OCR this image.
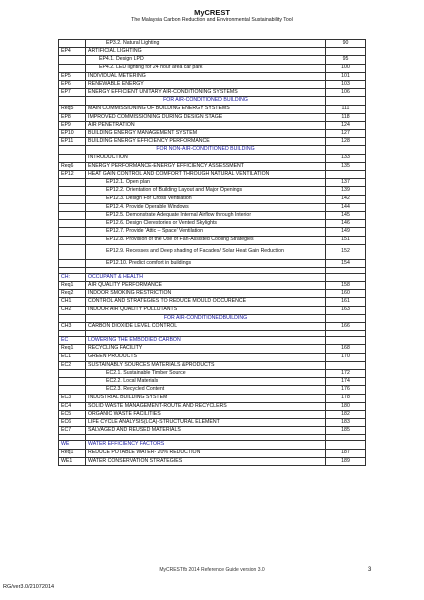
MyCREST
The Malaysia Carbon Reduction and Environmental Sustainability Tool
	EP3.2. Natural Lighting	90
EP4	ARTIFICIAL LIGHTING	
	EP4.1. Design LPD	95
	EP4.2. LED lighting for 24 hour area car park	100
EP5	INDIVIDUAL METERING	101
EP6	RENEWABLE ENERGY	103
EP7	ENERGY EFFICIENT UNITARY AIR-CONDITIONING SYSTEMS	106
	FOR AIR-CONDITIONED BUILDING	
Req5	MAIN COMMISSIONING OF BUILDING ENERGY SYSTEMS	111
EP8	IMPROVED COMMISSIONING DURING DESIGN STAGE	118
EP9	AIR PENETRATION	124
EP10	BUILDING ENERGY MANAGEMENT SYSTEM	127
EP11	BUILDING ENERGY EFFICIENCY PERFORMANCE	128
	FOR NON-AIR-CONDITIONED BUILDING	
	INTRODUCTION	133
Req6	ENERGY PERFORMANCE-ENERGY EFFICIENCY ASSESSMENT	135
EP12	HEAT GAIN CONTROL AND COMFORT THROUGH NATURAL VENTILATION	
	EP12.1. Open plan	137
	EP12.2. Orientation of Building Layout and Major Openings	139
	EP12.3. Design For Cross Ventilation	142
	EP12.4. Provide Operable Windows	144
	EP12.5. Demonstrate Adequate Internal Airflow through Interior	145
	EP12.6. Design Clerestories or Vented Skylights	146
	EP12.7. Provide ‘Attic – Space’ Ventilation	149
	EP12.8. Provision of the Use of Fan-Assisted Cooling Strategies	151
	EP12.9. Recesses and Deep shading of Facades/ Solar Heat Gain Reduction	152
	EP12.10. Predict comfort in buildings	154

CH:	OCCUPANT & HEALTH	
Req1	AIR QUALITY PERFORMANCE	158
Req2	INDOOR SMOKING RESTRICTION	160
CH1	CONTROL AND STRATEGIES TO REDUCE MOULD OCCURENCE	161
CH2	INDOOR AIR QUALITY POLLUTANTS	163
	FOR AIR-CONDITIONEDBUILDING	
CH3	CARBON DIOXIDE LEVEL CONTROL	166

EC	LOWERING THE EMBODIED CARBON	
Req1	RECYCLING FACILITY	168
EC1	GREEN PRODUCTS	170
EC2	SUSTAINABLY SOURCES MATERIALS &PRODUCTS	
	EC2.1. Sustainable Timber Source	172
	EC2.2. Local Materials	174
	EC2.3. Recycled Content	176
EC3	INDUSTRIAL BUILDING SYSTEM	178
EC4	SOLID WASTE MANAGEMENT-ROUTE AND RECYCLERS	180
EC5	ORGANIC WASTE FACILITIES	182
EC6	LIFE CYCLE ANALYSIS(LCA)-STRUCTURAL ELEMENT	183
EC7	SALVAGED AND REUSED MATERIALS	185

WE	WATER EFFICIENCY FACTORS	
Req1	REDUCE POTABLE WATER- 20% REDUCTION	187
WE1	WATER CONSERVATION STRATEGIES	189
MyCRESTfb 2014 Reference Guide version 3.0	3
RG/ver3.0/21072014
